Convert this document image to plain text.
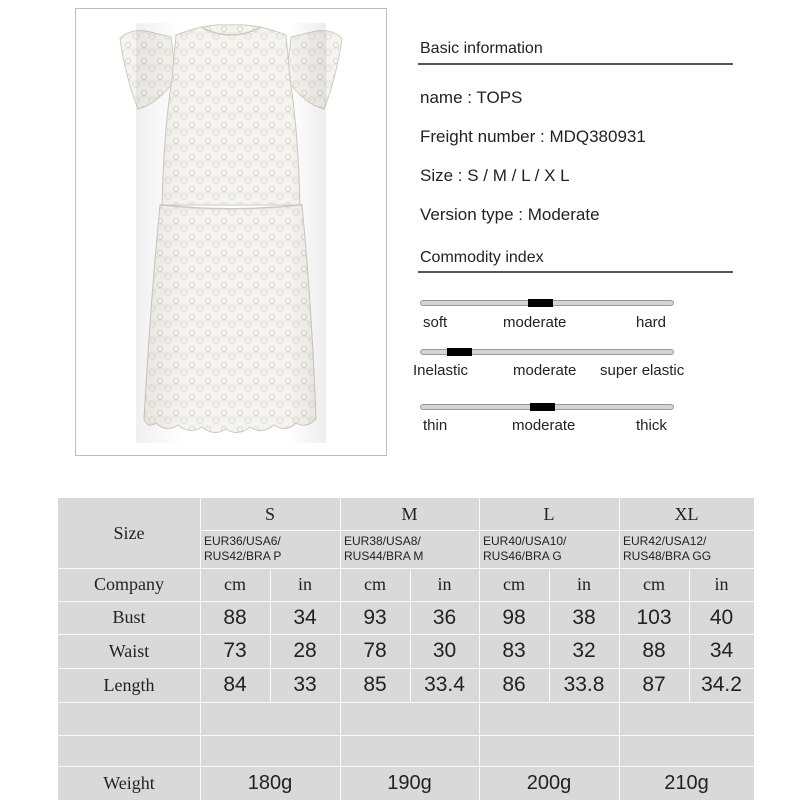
Basic information
name : TOPS
Freight number : MDQ380931
Size : S / M / L / X L
Version type : Moderate
Commodity index
soft	moderate	hard
Inelastic	moderate super elastic
thin	moderate	thick
Size
S	M	L	XL
EUR36/USA6/
RUS42/BRA P
EUR38/USA8/
RUS44/BRA M
EUR40/USA10/
RUS46/BRA G
EUR42/USA12/
RUS48/BRA GG
Company	cm	in	cm	in	cm	in	cm	in
Bust	88	34	93	36	98	38	103	40
Waist	73	28	78	30	83	32	88	34
Length	84	33	85	33.4	86	33.8	87	34.2
Weight	180g	190g	200g	210g
